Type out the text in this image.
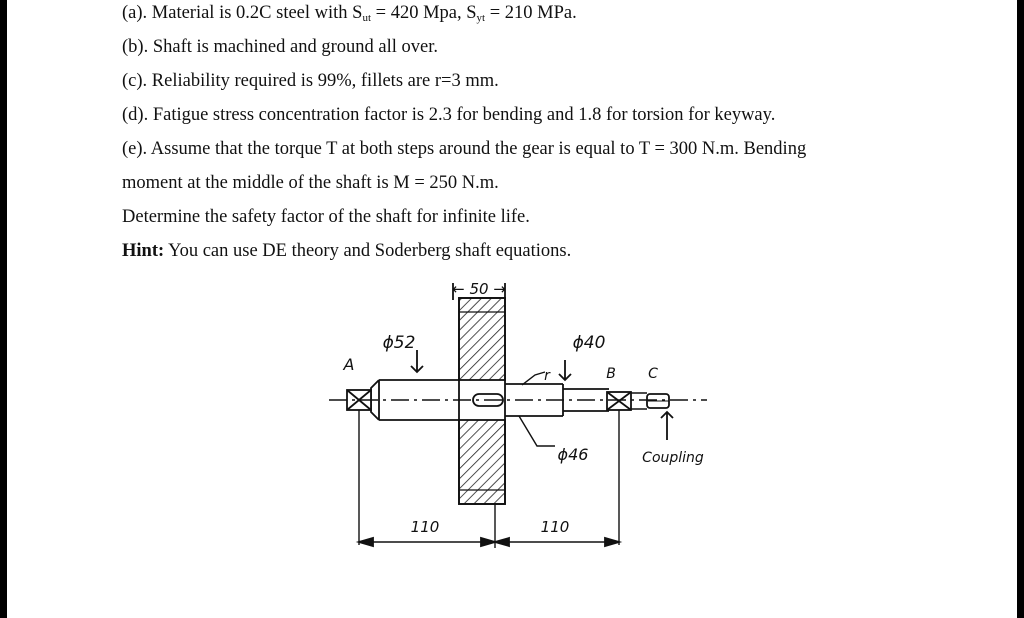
(a). Material is 0.2C steel with $S_{ut} = 420$ Mpa, $S_{yt} = 210$ MPa.
(b). Shaft is machined and ground all over.
(c). Reliability required is 99%, fillets are r=3 mm.
(d). Fatigue stress concentration factor is 2.3 for bending and 1.8 for torsion for keyway.
(e). Assume that the torque T at both steps around the gear is equal to T = 300 N.m. Bending
moment at the middle of the shaft is M = 250 N.m.
Determine the safety factor of the shaft for infinite life.
Hint: You can use DE theory and Soderberg shaft equations.
← 50 →
ϕ52	ϕ40
ϕ46
r
A	B C
Coupling
110	110
